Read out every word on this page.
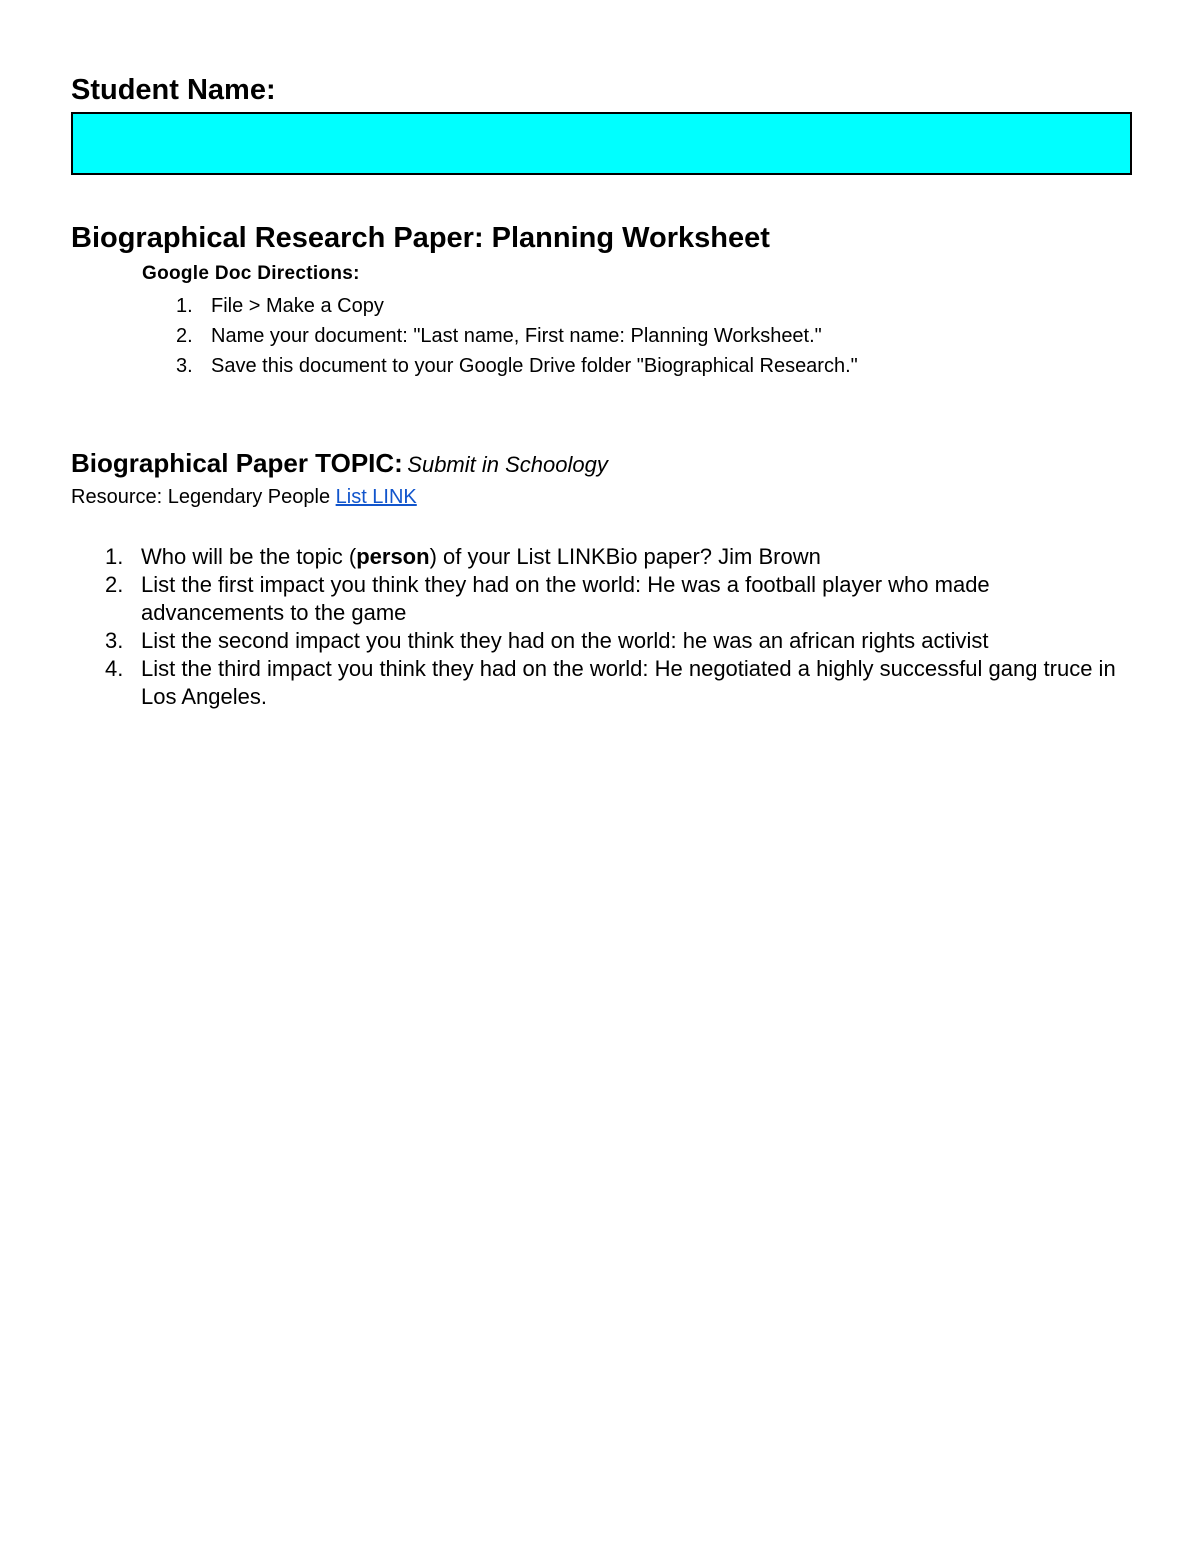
Student Name:
Biographical Research Paper: Planning Worksheet
Google Doc Directions:
1. File > Make a Copy
2. Name your document: "Last name, First name: Planning Worksheet."
3. Save this document to your Google Drive folder "Biographical Research."
Biographical Paper TOPIC: Submit in Schoology
Resource: Legendary People List LINK
1. Who will be the topic (person) of your List LINKBio paper? Jim Brown
2. List the first impact you think they had on the world: He was a football player who made advancements to the game
3. List the second impact you think they had on the world: he was an african rights activist
4. List the third impact you think they had on the world: He negotiated a highly successful gang truce in Los Angeles.
